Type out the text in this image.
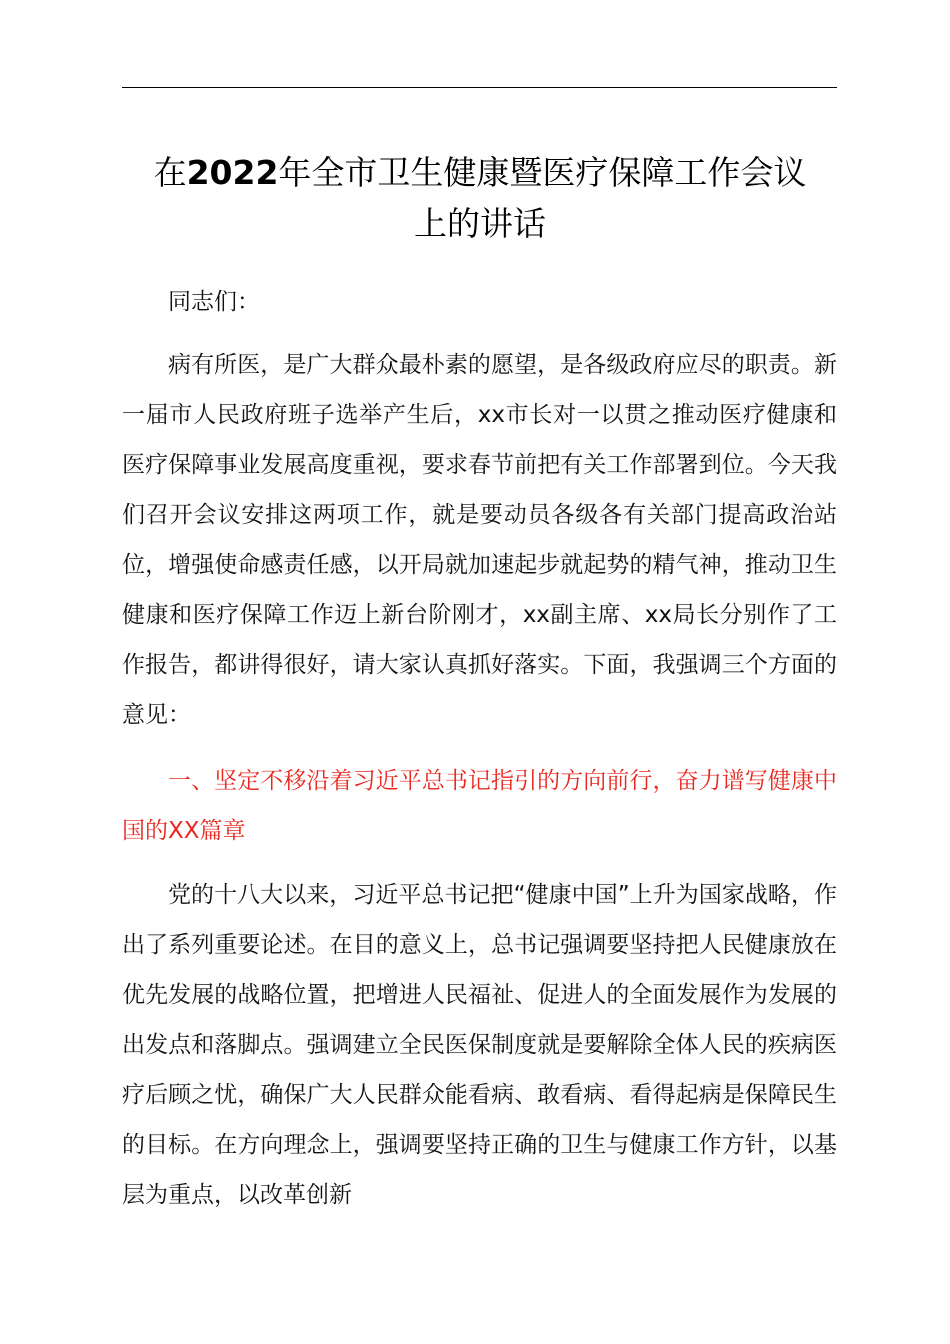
在2022年全市卫生健康暨医疗保障工作会议
上的讲话
同志们：
病有所医，是广大群众最朴素的愿望，是各级政府应尽的职责。新一届市人民政府班子选举产生后，xx市长对一以贯之推动医疗健康和医疗保障事业发展高度重视，要求春节前把有关工作部署到位。今天我们召开会议安排这两项工作，就是要动员各级各有关部门提高政治站位，增强使命感责任感，以开局就加速起步就起势的精气神，推动卫生健康和医疗保障工作迈上新台阶刚才，xx副主席、xx局长分别作了工作报告，都讲得很好，请大家认真抓好落实。下面，我强调三个方面的意见：
一、坚定不移沿着习近平总书记指引的方向前行，奋力谱写健康中国的XX篇章
党的十八大以来，习近平总书记把“健康中国”上升为国家战略，作出了系列重要论述。在目的意义上，总书记强调要坚持把人民健康放在优先发展的战略位置，把增进人民福祉、促进人的全面发展作为发展的出发点和落脚点。强调建立全民医保制度就是要解除全体人民的疾病医疗后顾之忧，确保广大人民群众能看病、敢看病、看得起病是保障民生的目标。在方向理念上，强调要坚持正确的卫生与健康工作方针，以基层为重点，以改革创新
